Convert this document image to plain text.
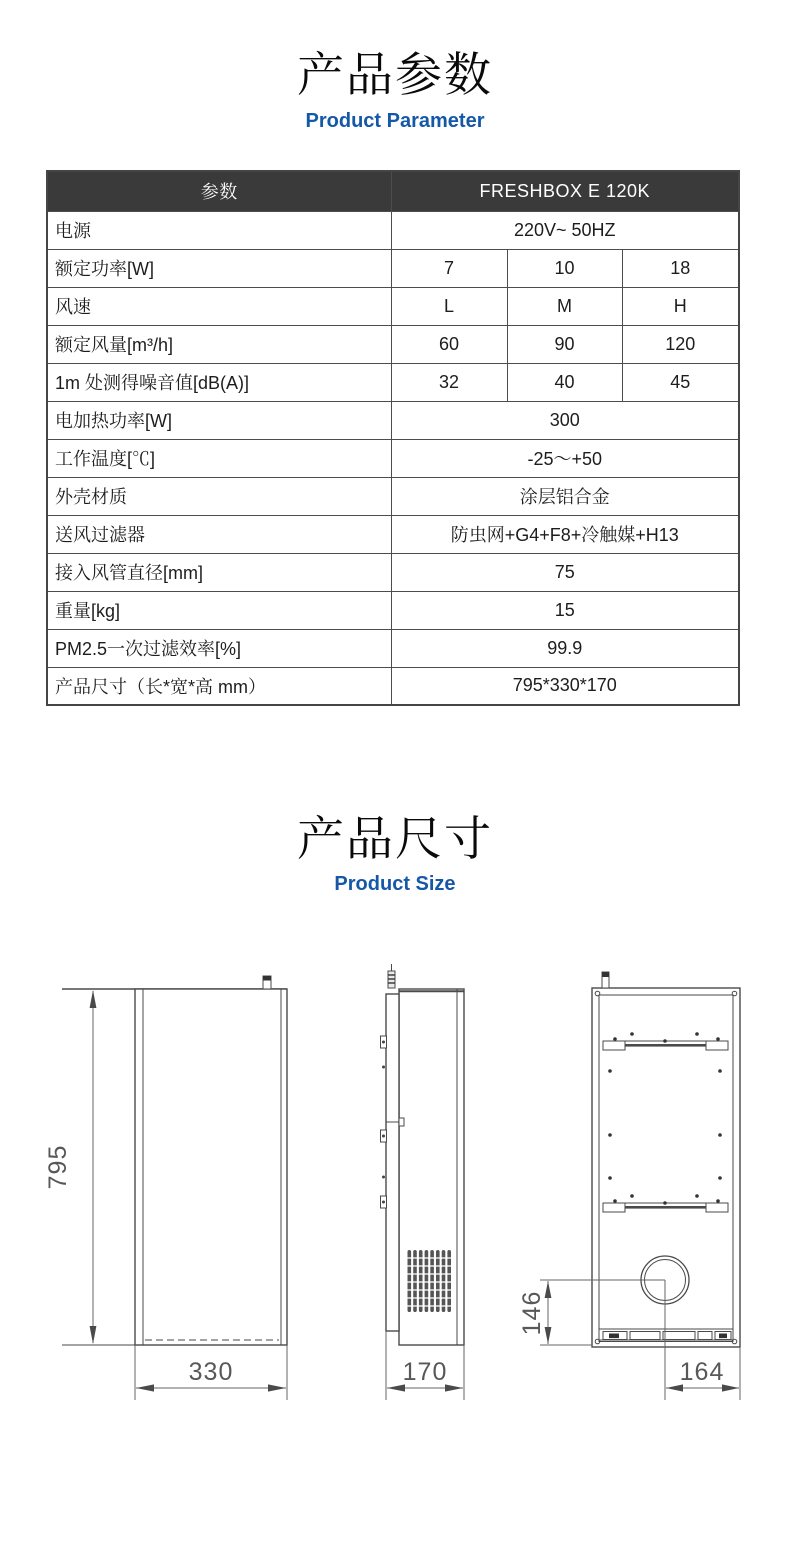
产品参数
Product Parameter
参数	FRESHBOX E 120K		
电源	220V~ 50HZ		
额定功率[W]	7	10	18
风速	L	M	H
额定风量[m³/h]	60	90	120
1m 处测得噪音值[dB(A)]	32	40	45
电加热功率[W]	300		
工作温度[℃]	-25～+50		
外壳材质	涂层铝合金		
送风过滤器	防虫网+G4+F8+冷触媒+H13		
接入风管直径[mm]	75		
重量[kg]	15		
PM2.5一次过滤效率[%]	99.9		
产品尺寸（长*宽*高 mm）	795*330*170		
产品尺寸
Product Size
795
330	170
146
164
